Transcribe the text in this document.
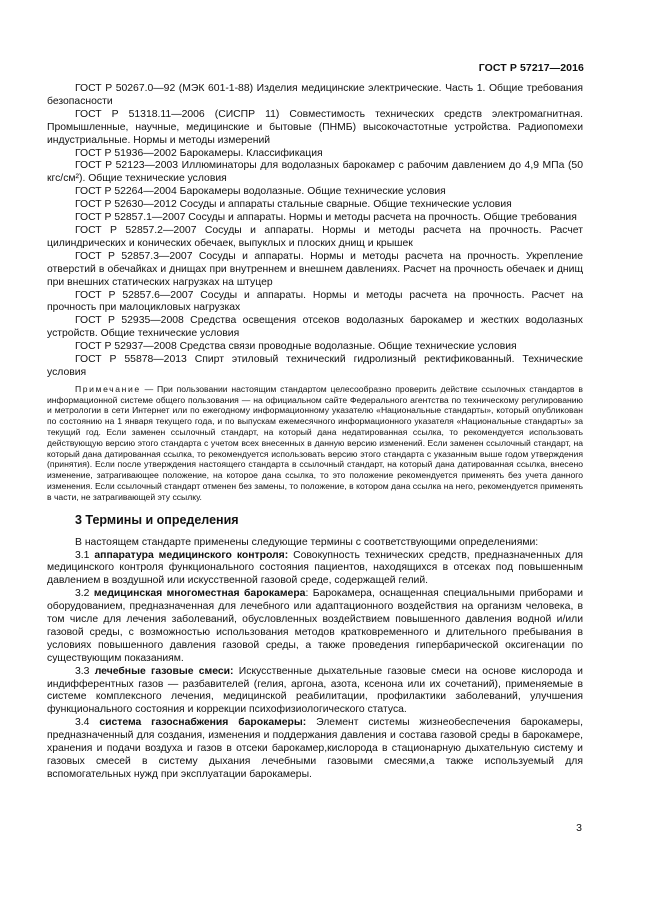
ГОСТ Р 57217—2016

ГОСТ Р 50267.0—92 (МЭК 601-1-88) Изделия медицинские электрические. Часть 1. Общие требования безопасности

ГОСТ Р 51318.11—2006 (СИСПР 11) Совместимость технических средств электромагнитная. Промышленные, научные, медицинские и бытовые (ПНМБ) высокочастотные устройства. Радиопомехи индустриальные. Нормы и методы измерений

ГОСТ Р 51936—2002 Барокамеры. Классификация

ГОСТ Р 52123—2003 Иллюминаторы для водолазных барокамер с рабочим давлением до 4,9 МПа (50 кгс/см²). Общие технические условия

ГОСТ Р 52264—2004 Барокамеры водолазные. Общие технические условия

ГОСТ Р 52630—2012 Сосуды и аппараты стальные сварные. Общие технические условия

ГОСТ Р 52857.1—2007 Сосуды и аппараты. Нормы и методы расчета на прочность. Общие требования

ГОСТ Р 52857.2—2007 Сосуды и аппараты. Нормы и методы расчета на прочность. Расчет цилиндрических и конических обечаек, выпуклых и плоских днищ и крышек

ГОСТ Р 52857.3—2007 Сосуды и аппараты. Нормы и методы расчета на прочность. Укрепление отверстий в обечайках и днищах при внутреннем и внешнем давлениях. Расчет на прочность обечаек и днищ при внешних статических нагрузках на штуцер

ГОСТ Р 52857.6—2007 Сосуды и аппараты. Нормы и методы расчета на прочность. Расчет на прочность при малоцикловых нагрузках

ГОСТ Р 52935—2008 Средства освещения отсеков водолазных барокамер и жестких водолазных устройств. Общие технические условия

ГОСТ Р 52937—2008 Средства связи проводные водолазные. Общие технические условия

ГОСТ Р 55878—2013 Спирт этиловый технический гидролизный ректификованный. Технические условия

Примечание — При пользовании настоящим стандартом целесообразно проверить действие ссылочных стандартов в информационной системе общего пользования — на официальном сайте Федерального агентства по техническому регулированию и метрологии в сети Интернет или по ежегодному информационному указателю «Национальные стандарты», который опубликован по состоянию на 1 января текущего года, и по выпускам ежемесячного информационного указателя «Национальные стандарты» за текущий год. Если заменен ссылочный стандарт, на который дана недатированная ссылка, то рекомендуется использовать действующую версию этого стандарта с учетом всех внесенных в данную версию изменений. Если заменен ссылочный стандарт, на который дана датированная ссылка, то рекомендуется использовать версию этого стандарта с указанным выше годом утверждения (принятия). Если после утверждения настоящего стандарта в ссылочный стандарт, на который дана датированная ссылка, внесено изменение, затрагивающее положение, на которое дана ссылка, то это положение рекомендуется применять без учета данного изменения. Если ссылочный стандарт отменен без замены, то положение, в котором дана ссылка на него, рекомендуется применять в части, не затрагивающей эту ссылку.

3 Термины и определения

В настоящем стандарте применены следующие термины с соответствующими определениями:

3.1 аппаратура медицинского контроля: Совокупность технических средств, предназначенных для медицинского контроля функционального состояния пациентов, находящихся в отсеках под повышенным давлением в воздушной или искусственной газовой среде, содержащей гелий.

3.2 медицинская многоместная барокамера: Барокамера, оснащенная специальными приборами и оборудованием, предназначенная для лечебного или адаптационного воздействия на организм человека, в том числе для лечения заболеваний, обусловленных воздействием повышенного давления водной и/или газовой среды, с возможностью использования методов кратковременного и длительного пребывания в условиях повышенного давления газовой среды, а также проведения гипербарической оксигенации по существующим показаниям.

3.3 лечебные газовые смеси: Искусственные дыхательные газовые смеси на основе кислорода и индифферентных газов — разбавителей (гелия, аргона, азота, ксенона или их сочетаний), применяемые в системе комплексного лечения, медицинской реабилитации, профилактики заболеваний, улучшения функционального состояния и коррекции психофизиологического статуса.

3.4 система газоснабжения барокамеры: Элемент системы жизнеобеспечения барокамеры, предназначенный для создания, изменения и поддержания давления и состава газовой среды в барокамере, хранения и подачи воздуха и газов в отсеки барокамер,кислорода в стационарную дыхательную систему и газовых смесей в систему дыхания лечебными газовыми смесями,а также используемый для вспомогательных нужд при эксплуатации барокамеры.

3
